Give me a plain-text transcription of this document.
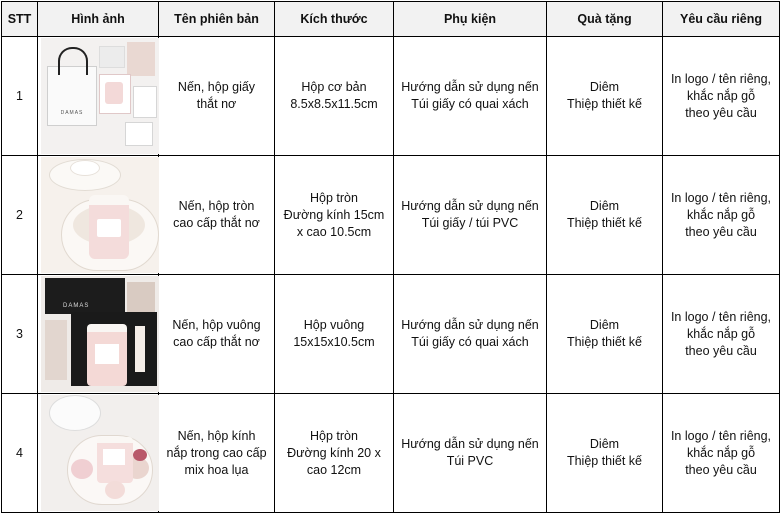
STT	Hình ảnh	Tên phiên bản	Kích thước	Phụ kiện	Quà tặng	Yêu cầu riêng
1	DAMAS	Nến, hộp giấy
thắt nơ	Hộp cơ bản
8.5x8.5x11.5cm	Hướng dẫn sử dụng nến
Túi giấy có quai xách	Diêm
Thiệp thiết kế	In logo / tên riêng,
khắc nắp gỗ
theo yêu cầu

2		Nến, hộp tròn
cao cấp thắt nơ	Hộp tròn
Đường kính 15cm
x cao 10.5cm	Hướng dẫn sử dụng nến
Túi giấy / túi PVC	Diêm
Thiệp thiết kế	In logo / tên riêng,
khắc nắp gỗ
theo yêu cầu

3	DAMAS	Nến, hộp vuông
cao cấp thắt nơ	Hộp vuông
15x15x10.5cm	Hướng dẫn sử dụng nến
Túi giấy có quai xách	Diêm
Thiệp thiết kế	In logo / tên riêng,
khắc nắp gỗ
theo yêu cầu

4		Nến, hộp kính
nắp trong cao cấp
mix hoa lụa	Hộp tròn
Đường kính 20 x
cao 12cm	Hướng dẫn sử dụng nến
Túi PVC	Diêm
Thiệp thiết kế	In logo / tên riêng,
khắc nắp gỗ
theo yêu cầu
